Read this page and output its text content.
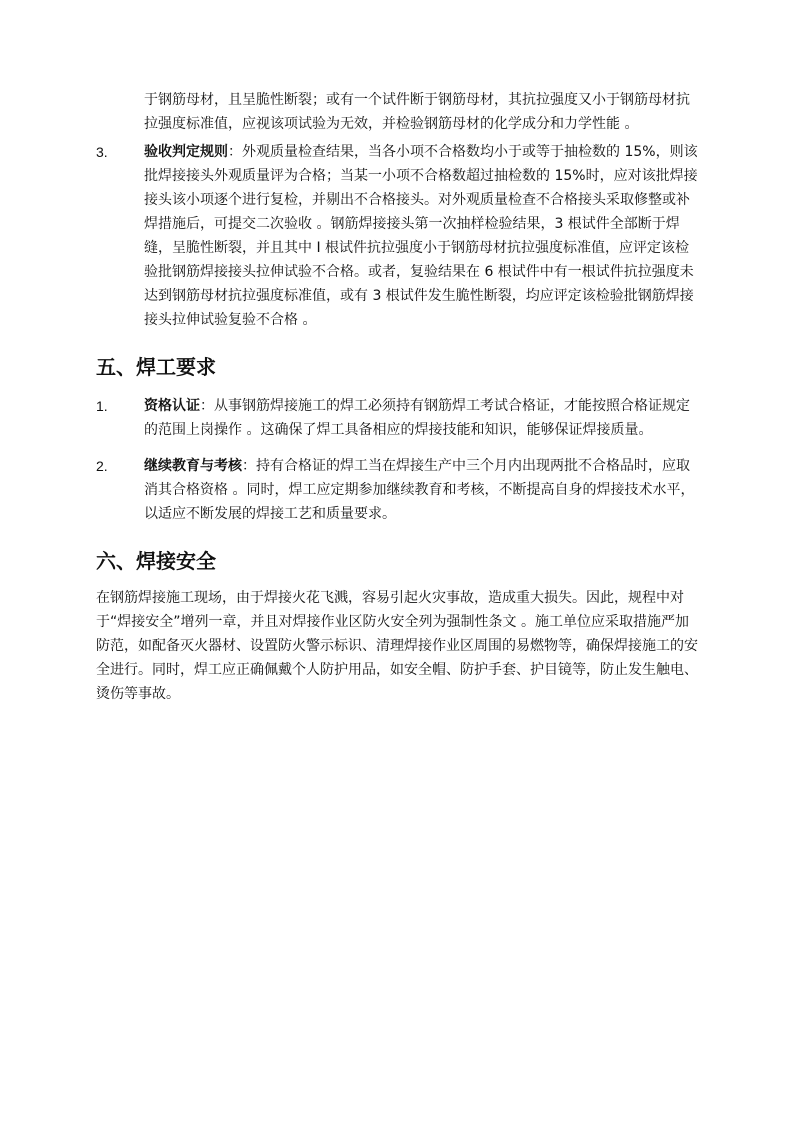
于钢筋母材，且呈脆性断裂；或有一个试件断于钢筋母材，其抗拉强度又小于钢筋母材抗拉强度标准值，应视该项试验为无效，并检验钢筋母材的化学成分和力学性能 。

3.	验收判定规则：外观质量检查结果，当各小项不合格数均小于或等于抽检数的 15%，则该批焊接接头外观质量评为合格；当某一小项不合格数超过抽检数的 15%时，应对该批焊接接头该小项逐个进行复检，并剔出不合格接头。对外观质量检查不合格接头采取修整或补焊措施后，可提交二次验收 。钢筋焊接接头第一次抽样检验结果，3 根试件全部断于焊缝，呈脆性断裂，并且其中 I 根试件抗拉强度小于钢筋母材抗拉强度标准值，应评定该检验批钢筋焊接接头拉伸试验不合格。或者，复验结果在 6 根试件中有一根试件抗拉强度未达到钢筋母材抗拉强度标准值，或有 3 根试件发生脆性断裂，均应评定该检验批钢筋焊接接头拉伸试验复验不合格 。
五、焊工要求
1.	资格认证：从事钢筋焊接施工的焊工必须持有钢筋焊工考试合格证，才能按照合格证规定的范围上岗操作 。这确保了焊工具备相应的焊接技能和知识，能够保证焊接质量。
2.	继续教育与考核：持有合格证的焊工当在焊接生产中三个月内出现两批不合格品时，应取消其合格资格 。同时，焊工应定期参加继续教育和考核，不断提高自身的焊接技术水平，以适应不断发展的焊接工艺和质量要求。
六、焊接安全

在钢筋焊接施工现场，由于焊接火花飞溅，容易引起火灾事故，造成重大损失。因此，规程中对于“焊接安全”增列一章，并且对焊接作业区防火安全列为强制性条文 。施工单位应采取措施严加防范，如配备灭火器材、设置防火警示标识、清理焊接作业区周围的易燃物等，确保焊接施工的安全进行。同时，焊工应正确佩戴个人防护用品，如安全帽、防护手套、护目镜等，防止发生触电、烫伤等事故。
